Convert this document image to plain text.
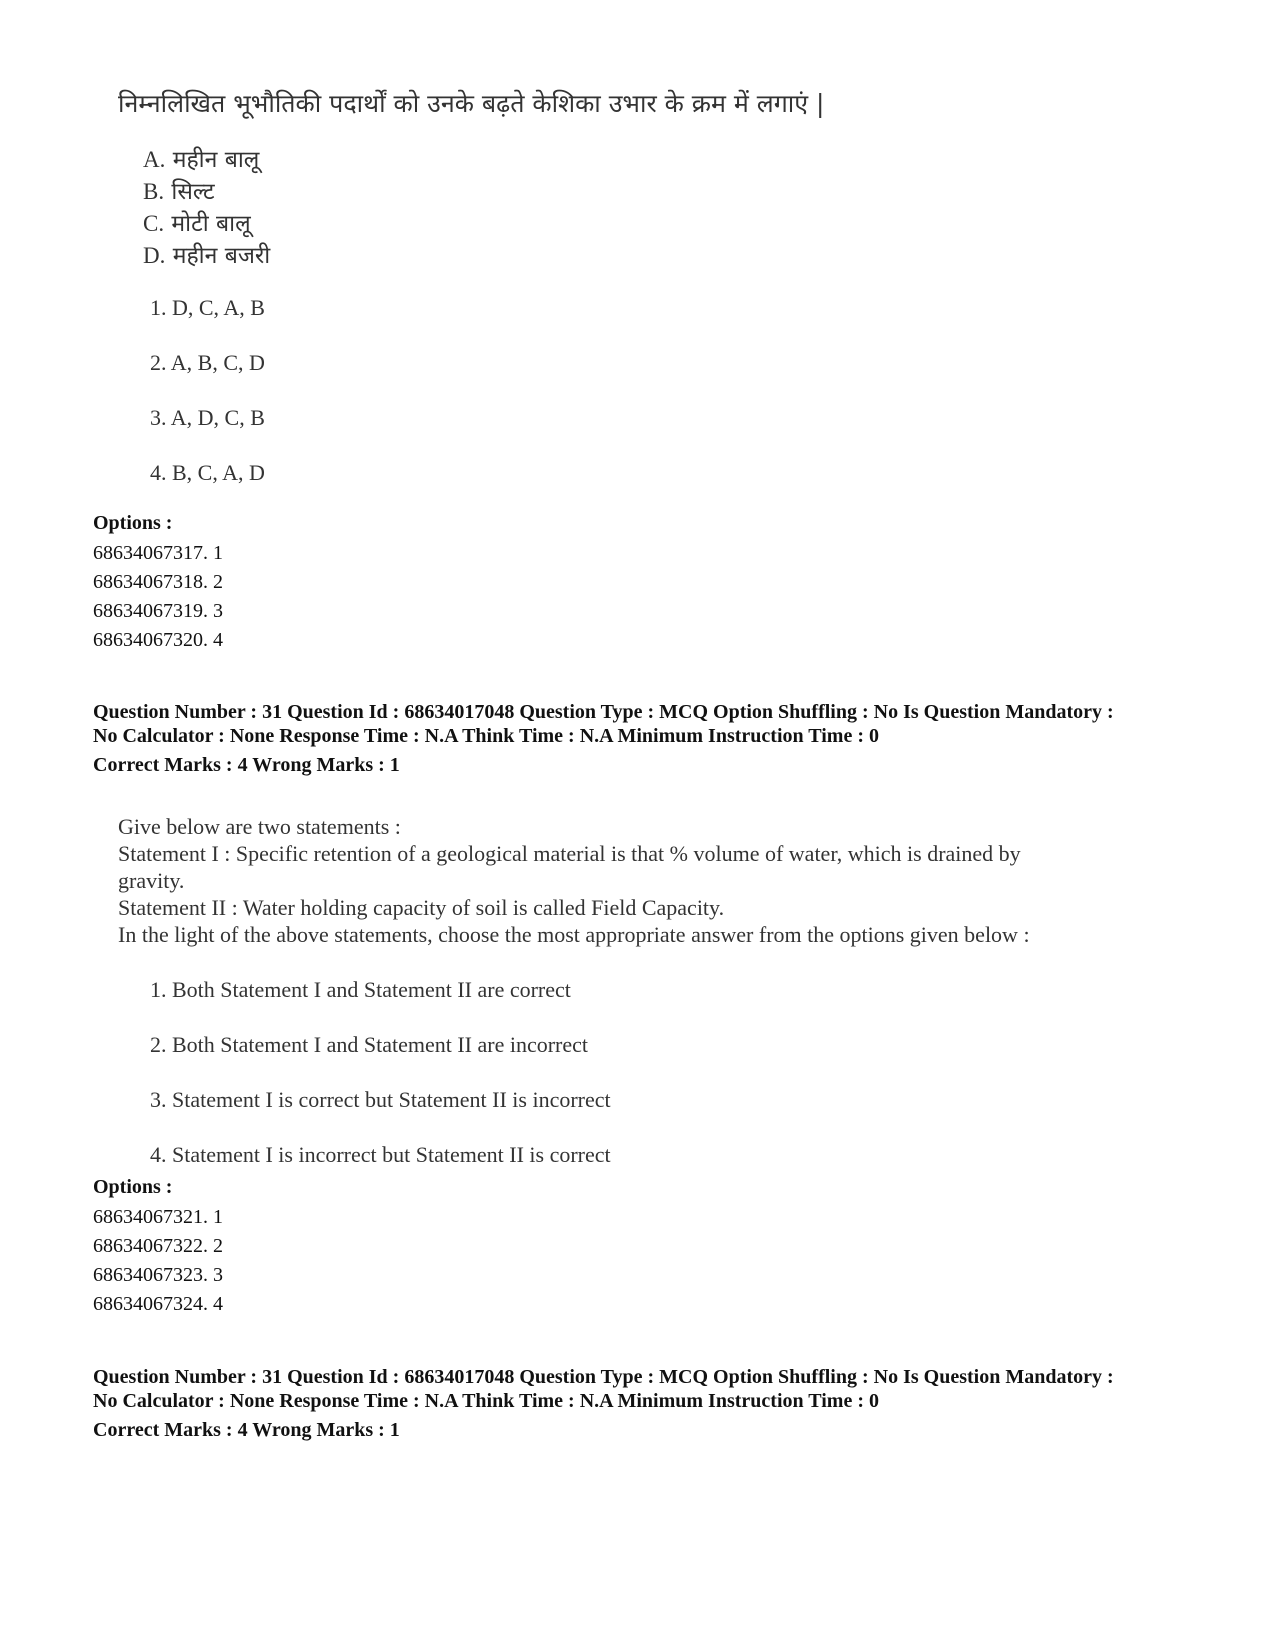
निम्नलिखित भूभौतिकी पदार्थों को उनके बढ़ते केशिका उभार के क्रम में लगाएं |
A. महीन बालू
B. सिल्ट
C. मोटी बालू
D. महीन बजरी
1. D, C, A, B
2. A, B, C, D
3. A, D, C, B
4. B, C, A, D
Options :
68634067317. 1
68634067318. 2
68634067319. 3
68634067320. 4
Question Number : 31 Question Id : 68634017048 Question Type : MCQ Option Shuffling : No Is Question Mandatory :
No Calculator : None Response Time : N.A Think Time : N.A Minimum Instruction Time : 0
Correct Marks : 4 Wrong Marks : 1
Give below are two statements :
Statement I : Specific retention of a geological material is that % volume of water, which is drained by
gravity.
Statement II : Water holding capacity of soil is called Field Capacity.
In the light of the above statements, choose the most appropriate answer from the options given below :
1. Both Statement I and Statement II are correct
2. Both Statement I and Statement II are incorrect
3. Statement I is correct but Statement II is incorrect
4. Statement I is incorrect but Statement II is correct
Options :
68634067321. 1
68634067322. 2
68634067323. 3
68634067324. 4
Question Number : 31 Question Id : 68634017048 Question Type : MCQ Option Shuffling : No Is Question Mandatory :
No Calculator : None Response Time : N.A Think Time : N.A Minimum Instruction Time : 0
Correct Marks : 4 Wrong Marks : 1
